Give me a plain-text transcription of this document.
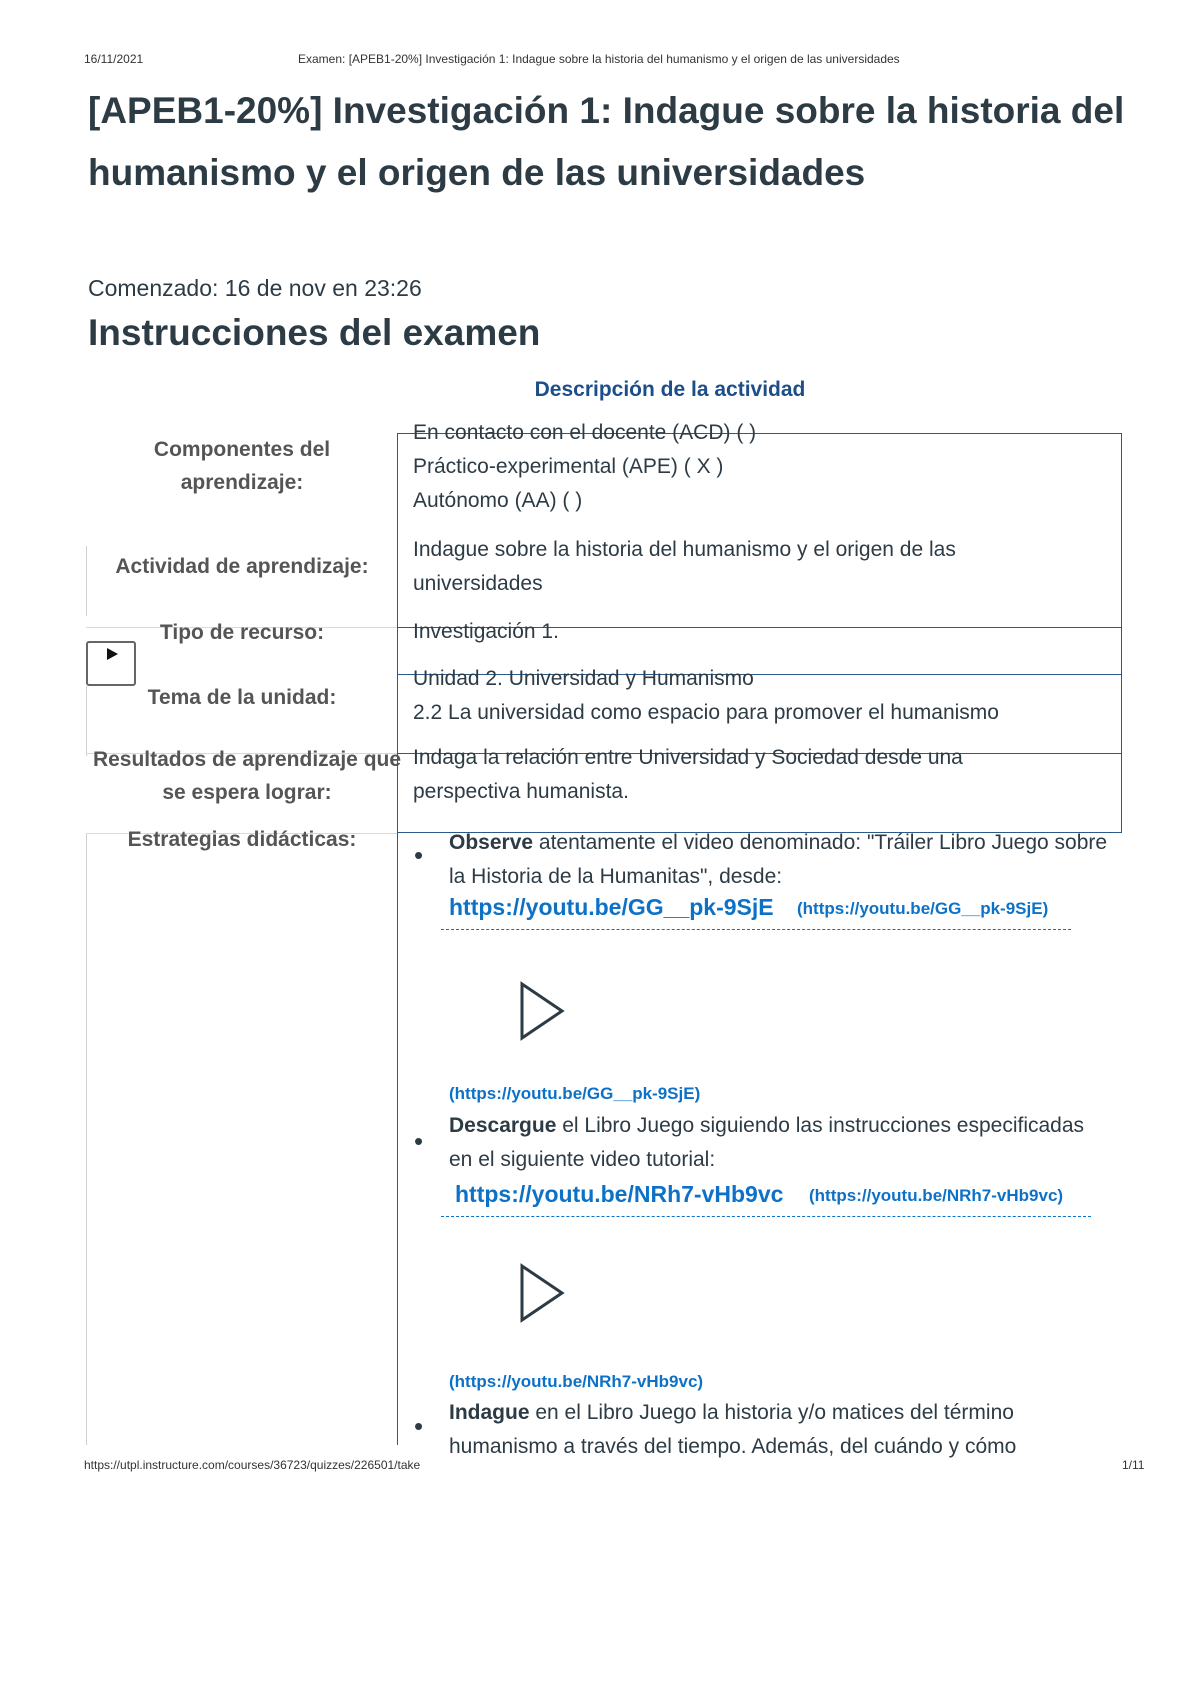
16/11/2021	Examen: [APEB1-20%] Investigación 1: Indague sobre la historia del humanismo y el origen de las universidades
[APEB1-20%] Investigación 1: Indague sobre la historia del humanismo y el origen de las universidades
Comenzado: 16 de nov en 23:26
Instrucciones del examen
Descripción de la actividad
Componentes del aprendizaje:
En contacto con el docente (ACD) ( )
Práctico-experimental (APE) ( X )
Autónomo (AA) ( )
Actividad de aprendizaje:
Indague sobre la historia del humanismo y el origen de las universidades
Tipo de recurso:	Investigación 1.
Tema de la unidad:
Unidad 2. Universidad y Humanismo
2.2 La universidad como espacio para promover el humanismo
Resultados de aprendizaje que se espera lograr:
Indaga la relación entre Universidad y Sociedad desde una perspectiva humanista.
Estrategias didácticas:
• Observe atentamente el video denominado: "Tráiler Libro Juego sobre la Historia de la Humanitas", desde:
https://youtu.be/GG__pk-9SjE (https://youtu.be/GG__pk-9SjE)
(https://youtu.be/GG__pk-9SjE)
•
Descargue el Libro Juego siguiendo las instrucciones especificadas en el siguiente video tutorial:
https://youtu.be/NRh7-vHb9vc (https://youtu.be/NRh7-vHb9vc)
(https://youtu.be/NRh7-vHb9vc)
• Indague en el Libro Juego la historia y/o matices del término humanismo a través del tiempo. Además, del cuándo y cómo
https://utpl.instructure.com/courses/36723/quizzes/226501/take	1/11
